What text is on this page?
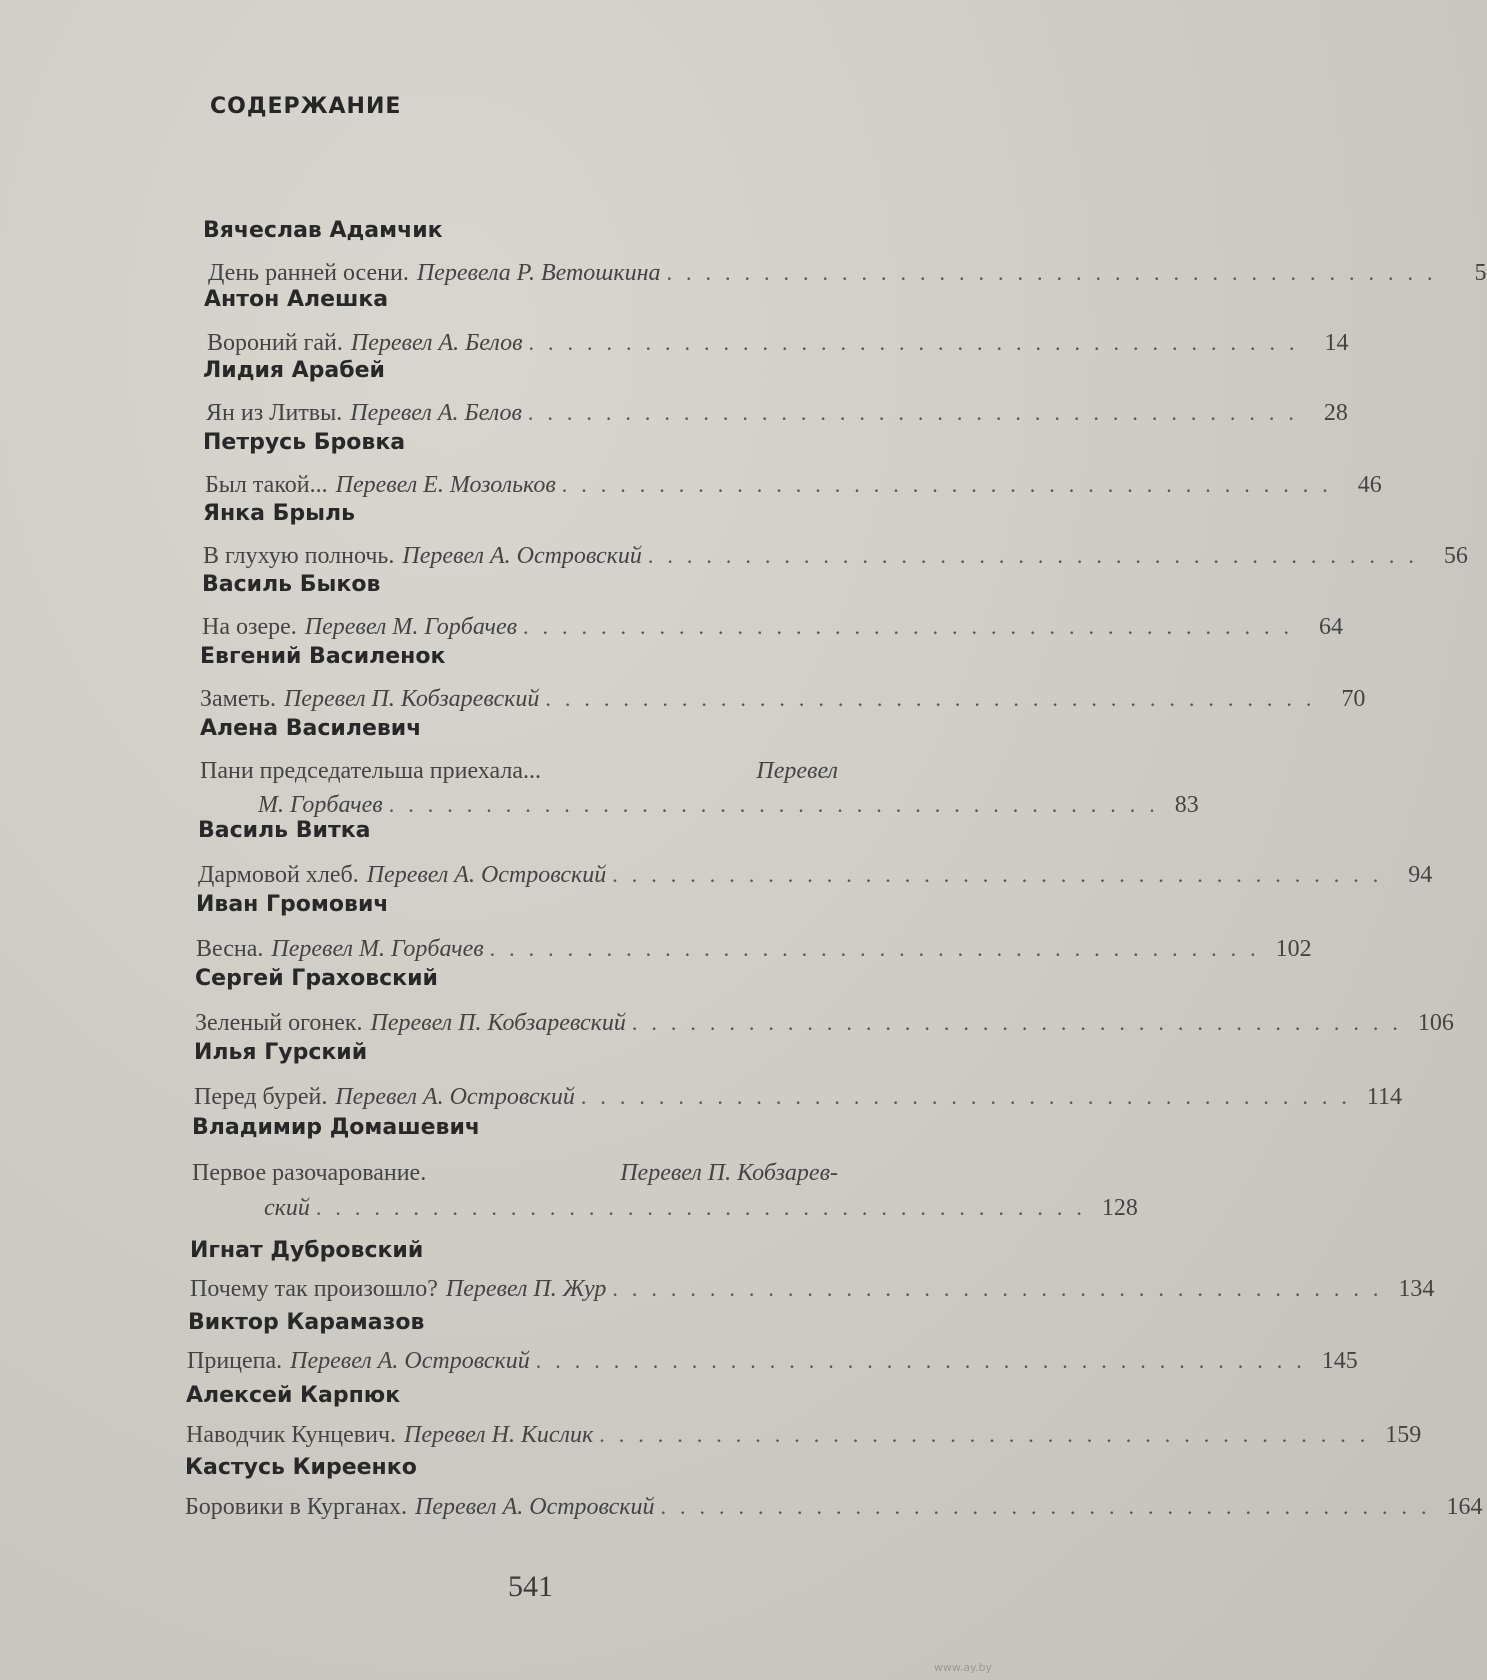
СОДЕРЖАНИЕ
Вячеслав Адамчик
День ранней осени. Перевела Р. Ветошкина ........................................	5
Антон Алешка
Вороний гай. Перевел А. Белов ........................................ 14
Лидия Арабей
Ян из Литвы. Перевел А. Белов ........................................ 28
Петрусь Бровка
Был такой... Перевел Е. Мозольков ........................................ 46
Янка Брыль
В глухую полночь. Перевел А. Островский ........................................ 56
Василь Быков
На озере. Перевел М. Горбачев ........................................ 64
Евгений Василенок
Заметь. Перевел П. Кобзаревский ........................................ 70
Алена Василевич
Пани председательша приехала...	Перевел
М. Горбачев ........................................ 83
Василь Витка
Дармовой хлеб. Перевел А. Островский ........................................ 94
Иван Громович
Весна. Перевел М. Горбачев ........................................ 102
Сергей Граховский
Зеленый огонек. Перевел П. Кобзаревский ........................................ 106
Илья Гурский
Перед бурей. Перевел А. Островский ........................................ 114
Владимир Домашевич
Первое разочарование.	Перевел П. Кобзарев-
ский ........................................ 128
Игнат Дубровский
Почему так произошло? Перевел П. Жур ........................................ 134
Виктор Карамазов
Прицепа. Перевел А. Островский ........................................ 145
Алексей Карпюк
Наводчик Кунцевич. Перевел Н. Кислик ........................................ 159
Кастусь Киреенко
Боровики в Курганах. Перевел А. Островский ........................................ 164
541
www.ay.by
